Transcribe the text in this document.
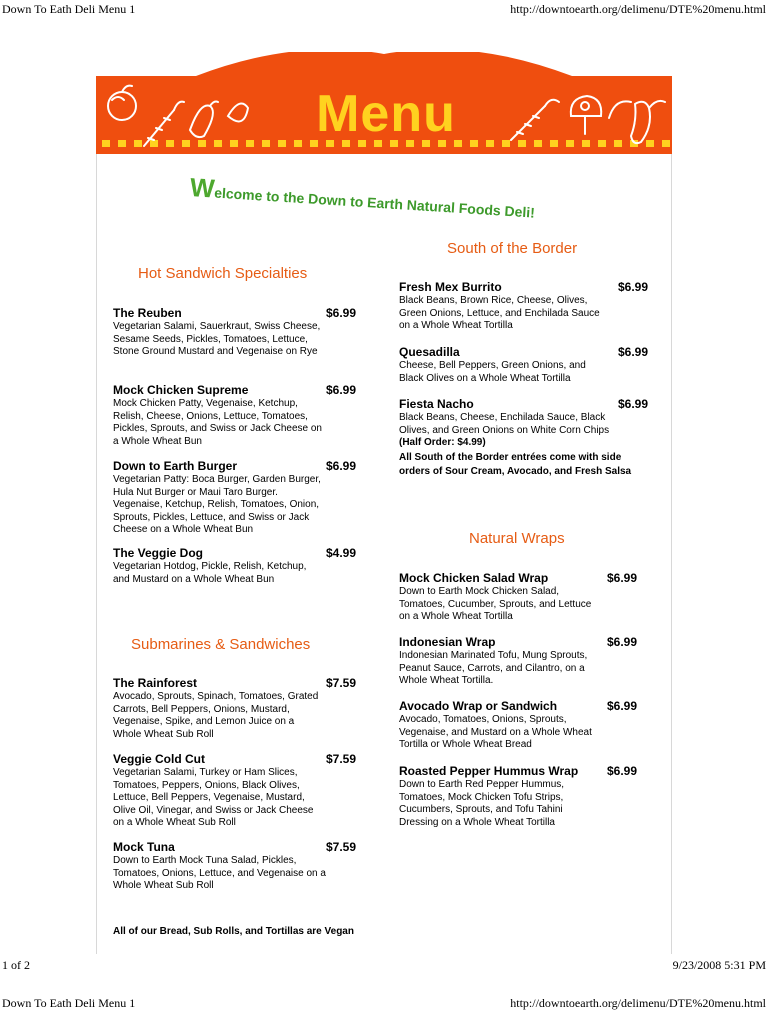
Down To Eath Deli Menu 1	http://downtoearth.org/delimenu/DTE%20menu.html
Menu
Welcome to the Down to Earth Natural Foods Deli!
Hot Sandwich Specialties
The Reuben	$6.99
Vegetarian Salami, Sauerkraut, Swiss Cheese, Sesame Seeds, Pickles, Tomatoes, Lettuce, Stone Ground Mustard and Vegenaise on Rye
Mock Chicken Supreme	$6.99
Mock Chicken Patty, Vegenaise, Ketchup, Relish, Cheese, Onions, Lettuce, Tomatoes, Pickles, Sprouts, and Swiss or Jack Cheese on a Whole Wheat Bun
Down to Earth Burger	$6.99
Vegetarian Patty: Boca Burger, Garden Burger, Hula Nut Burger or Maui Taro Burger. Vegenaise, Ketchup, Relish, Tomatoes, Onion, Sprouts, Pickles, Lettuce, and Swiss or Jack Cheese on a Whole Wheat Bun
The Veggie Dog	$4.99
Vegetarian Hotdog, Pickle, Relish, Ketchup, and Mustard on a Whole Wheat Bun
Submarines & Sandwiches
The Rainforest	$7.59
Avocado, Sprouts, Spinach, Tomatoes, Grated Carrots, Bell Peppers, Onions, Mustard, Vegenaise, Spike, and Lemon Juice on a Whole Wheat Sub Roll
Veggie Cold Cut	$7.59
Vegetarian Salami, Turkey or Ham Slices, Tomatoes, Peppers, Onions, Black Olives, Lettuce, Bell Peppers, Vegenaise, Mustard, Olive Oil, Vinegar, and Swiss or Jack Cheese on a Whole Wheat Sub Roll
Mock Tuna	$7.59
Down to Earth Mock Tuna Salad, Pickles, Tomatoes, Onions, Lettuce, and Vegenaise on a Whole Wheat Sub Roll
All of our Bread, Sub Rolls, and Tortillas are Vegan
South of the Border
Fresh Mex Burrito	$6.99
Black Beans, Brown Rice, Cheese, Olives, Green Onions, Lettuce, and Enchilada Sauce on a Whole Wheat Tortilla
Quesadilla	$6.99
Cheese, Bell Peppers, Green Onions, and Black Olives on a Whole Wheat Tortilla
Fiesta Nacho	$6.99
Black Beans, Cheese, Enchilada Sauce, Black Olives, and Green Onions on White Corn Chips
(Half Order: $4.99)
All South of the Border entrées come with side orders of Sour Cream, Avocado, and Fresh Salsa
Natural Wraps
Mock Chicken Salad Wrap	$6.99
Down to Earth Mock Chicken Salad, Tomatoes, Cucumber, Sprouts, and Lettuce on a Whole Wheat Tortilla
Indonesian Wrap	$6.99
Indonesian Marinated Tofu, Mung Sprouts, Peanut Sauce, Carrots, and Cilantro, on a Whole Wheat Tortilla.
Avocado Wrap or Sandwich	$6.99
Avocado, Tomatoes, Onions, Sprouts, Vegenaise, and Mustard on a Whole Wheat Tortilla or Whole Wheat Bread
Roasted Pepper Hummus Wrap	$6.99
Down to Earth Red Pepper Hummus, Tomatoes, Mock Chicken Tofu Strips, Cucumbers, Sprouts, and Tofu Tahini Dressing on a Whole Wheat Tortilla
1 of 2	9/23/2008 5:31 PM
Down To Eath Deli Menu 1	http://downtoearth.org/delimenu/DTE%20menu.html
